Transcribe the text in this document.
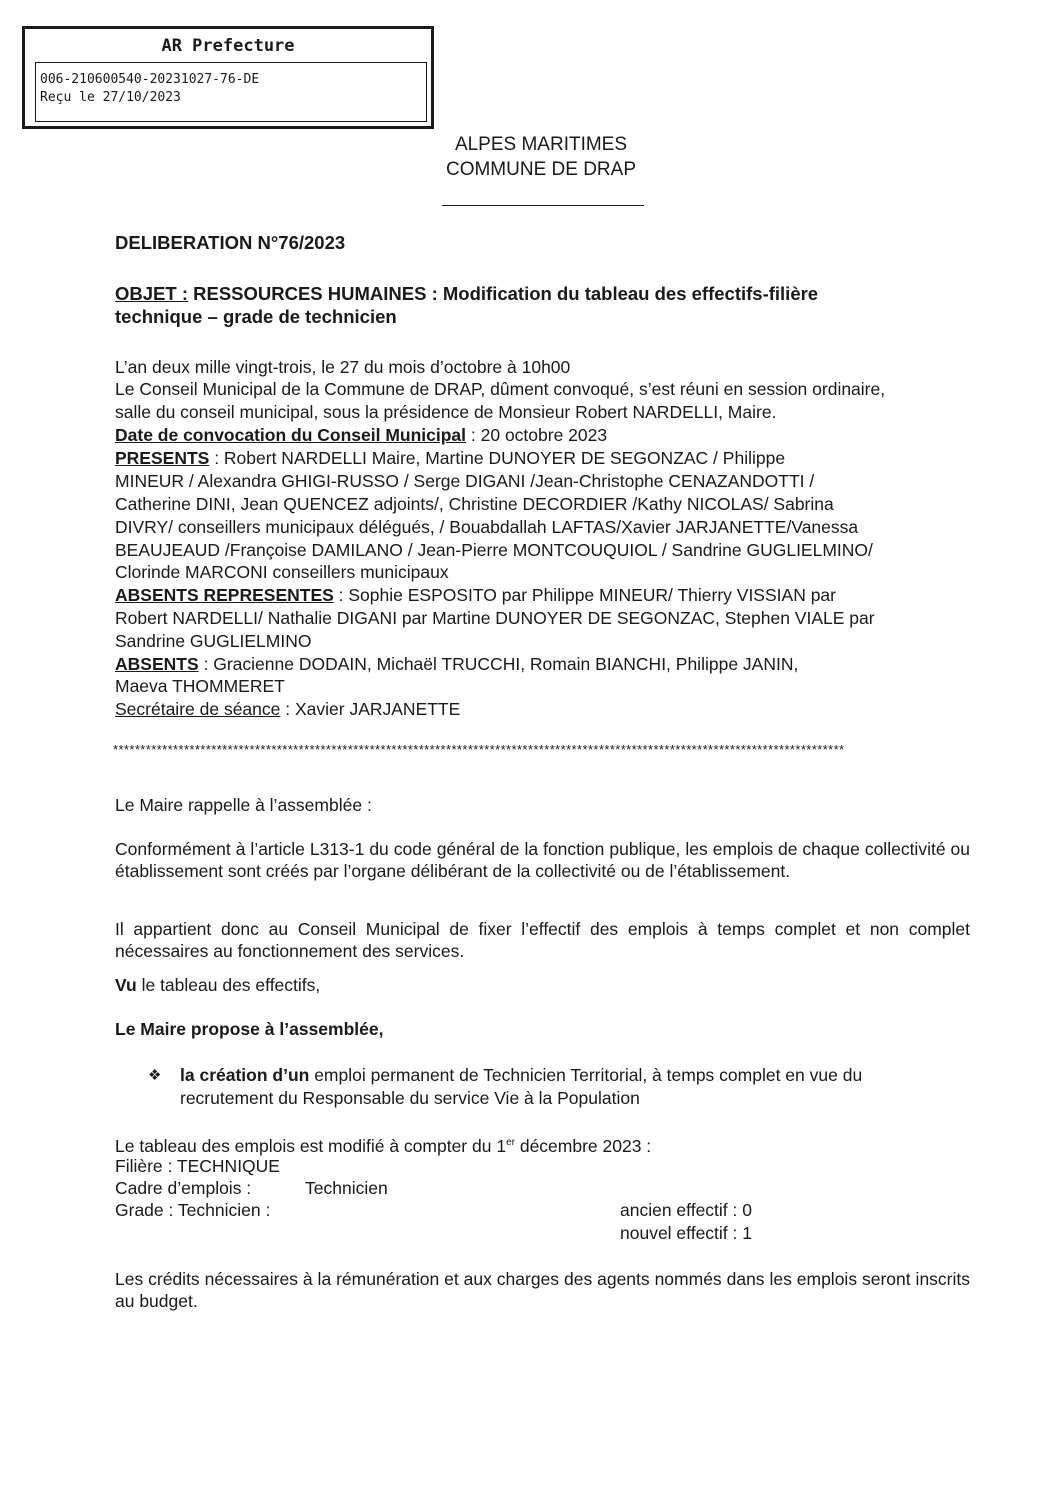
AR Prefecture
006-210600540-20231027-76-DE
Reçu le 27/10/2023
ALPES MARITIMES
COMMUNE DE DRAP
DELIBERATION N°76/2023
OBJET : RESSOURCES HUMAINES : Modification du tableau des effectifs-filière
technique – grade de technicien
L’an deux mille vingt-trois, le 27 du mois d’octobre à 10h00
Le Conseil Municipal de la Commune de DRAP, dûment convoqué, s’est réuni en session ordinaire,
salle du conseil municipal, sous la présidence de Monsieur Robert NARDELLI, Maire.
Date de convocation du Conseil Municipal : 20 octobre 2023
PRESENTS : Robert NARDELLI Maire, Martine DUNOYER DE SEGONZAC / Philippe
MINEUR / Alexandra GHIGI-RUSSO / Serge DIGANI /Jean-Christophe CENAZANDOTTI /
Catherine DINI, Jean QUENCEZ adjoints/, Christine DECORDIER /Kathy NICOLAS/ Sabrina
DIVRY/ conseillers municipaux délégués, / Bouabdallah LAFTAS/Xavier JARJANETTE/Vanessa
BEAUJEAUD /Françoise DAMILANO / Jean-Pierre MONTCOUQUIOL / Sandrine GUGLIELMINO/
Clorinde MARCONI conseillers municipaux
ABSENTS REPRESENTES : Sophie ESPOSITO par Philippe MINEUR/ Thierry VISSIAN par
Robert NARDELLI/ Nathalie DIGANI par Martine DUNOYER DE SEGONZAC, Stephen VIALE par
Sandrine GUGLIELMINO
ABSENTS : Gracienne DODAIN, Michaël TRUCCHI, Romain BIANCHI, Philippe JANIN,
Maeva THOMMERET
Secrétaire de séance : Xavier JARJANETTE
**************************************************************************************************************************************
Le Maire rappelle à l’assemblée :
Conformément à l’article L313-1 du code général de la fonction publique, les emplois de chaque collectivité ou établissement sont créés par l’organe délibérant de la collectivité ou de l’établissement.
Il appartient donc au Conseil Municipal de fixer l’effectif des emplois à temps complet et non complet nécessaires au fonctionnement des services.
Vu le tableau des effectifs,
Le Maire propose à l’assemblée,
❖ la création d’un emploi permanent de Technicien Territorial, à temps complet en vue du
recrutement du Responsable du service Vie à la Population
Le tableau des emplois est modifié à compter du 1er décembre 2023 :
Filière : TECHNIQUE
Cadre d’emplois :	Technicien
Grade : Technicien :	ancien effectif : 0
nouvel effectif : 1
Les crédits nécessaires à la rémunération et aux charges des agents nommés dans les emplois seront inscrits au budget.
